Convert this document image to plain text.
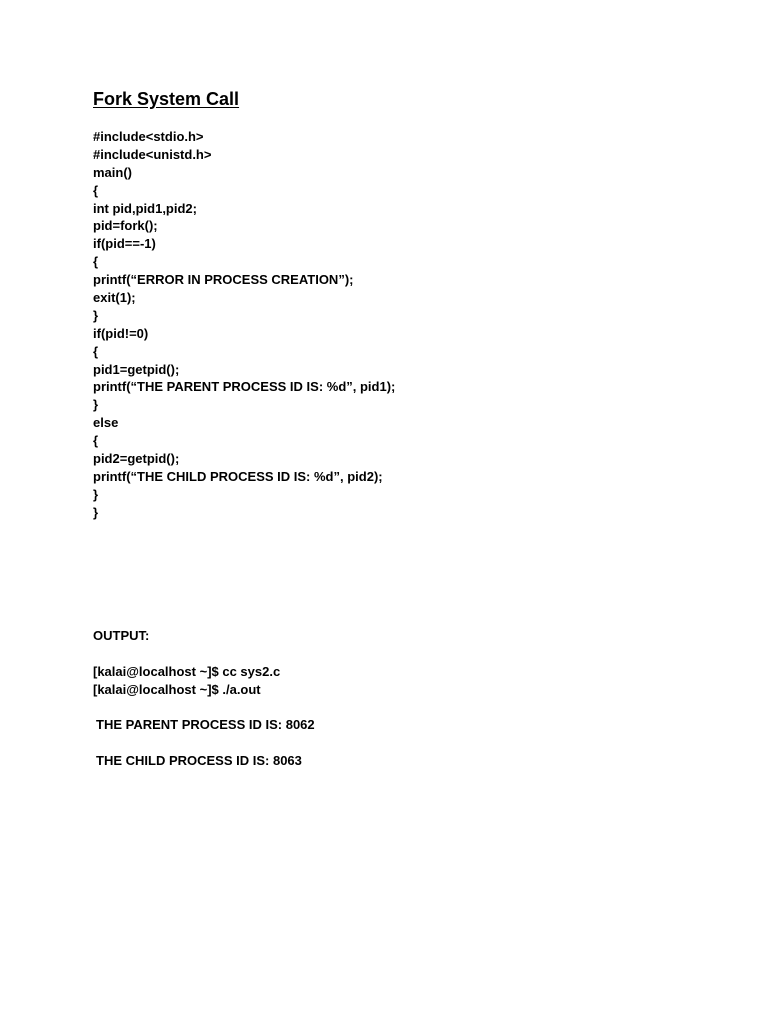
Fork System Call
#include<stdio.h>
#include<unistd.h>
main()
{
int pid,pid1,pid2;
pid=fork();
if(pid==-1)
{
printf(“ERROR IN PROCESS CREATION”);
exit(1);
}
if(pid!=0)
{
pid1=getpid();
printf(“THE PARENT PROCESS ID IS: %d”, pid1);
}
else
{
pid2=getpid();
printf(“THE CHILD PROCESS ID IS: %d”, pid2);
}
}
OUTPUT:
[kalai@localhost ~]$ cc sys2.c
[kalai@localhost ~]$ ./a.out
THE PARENT PROCESS ID IS: 8062
THE CHILD PROCESS ID IS: 8063
